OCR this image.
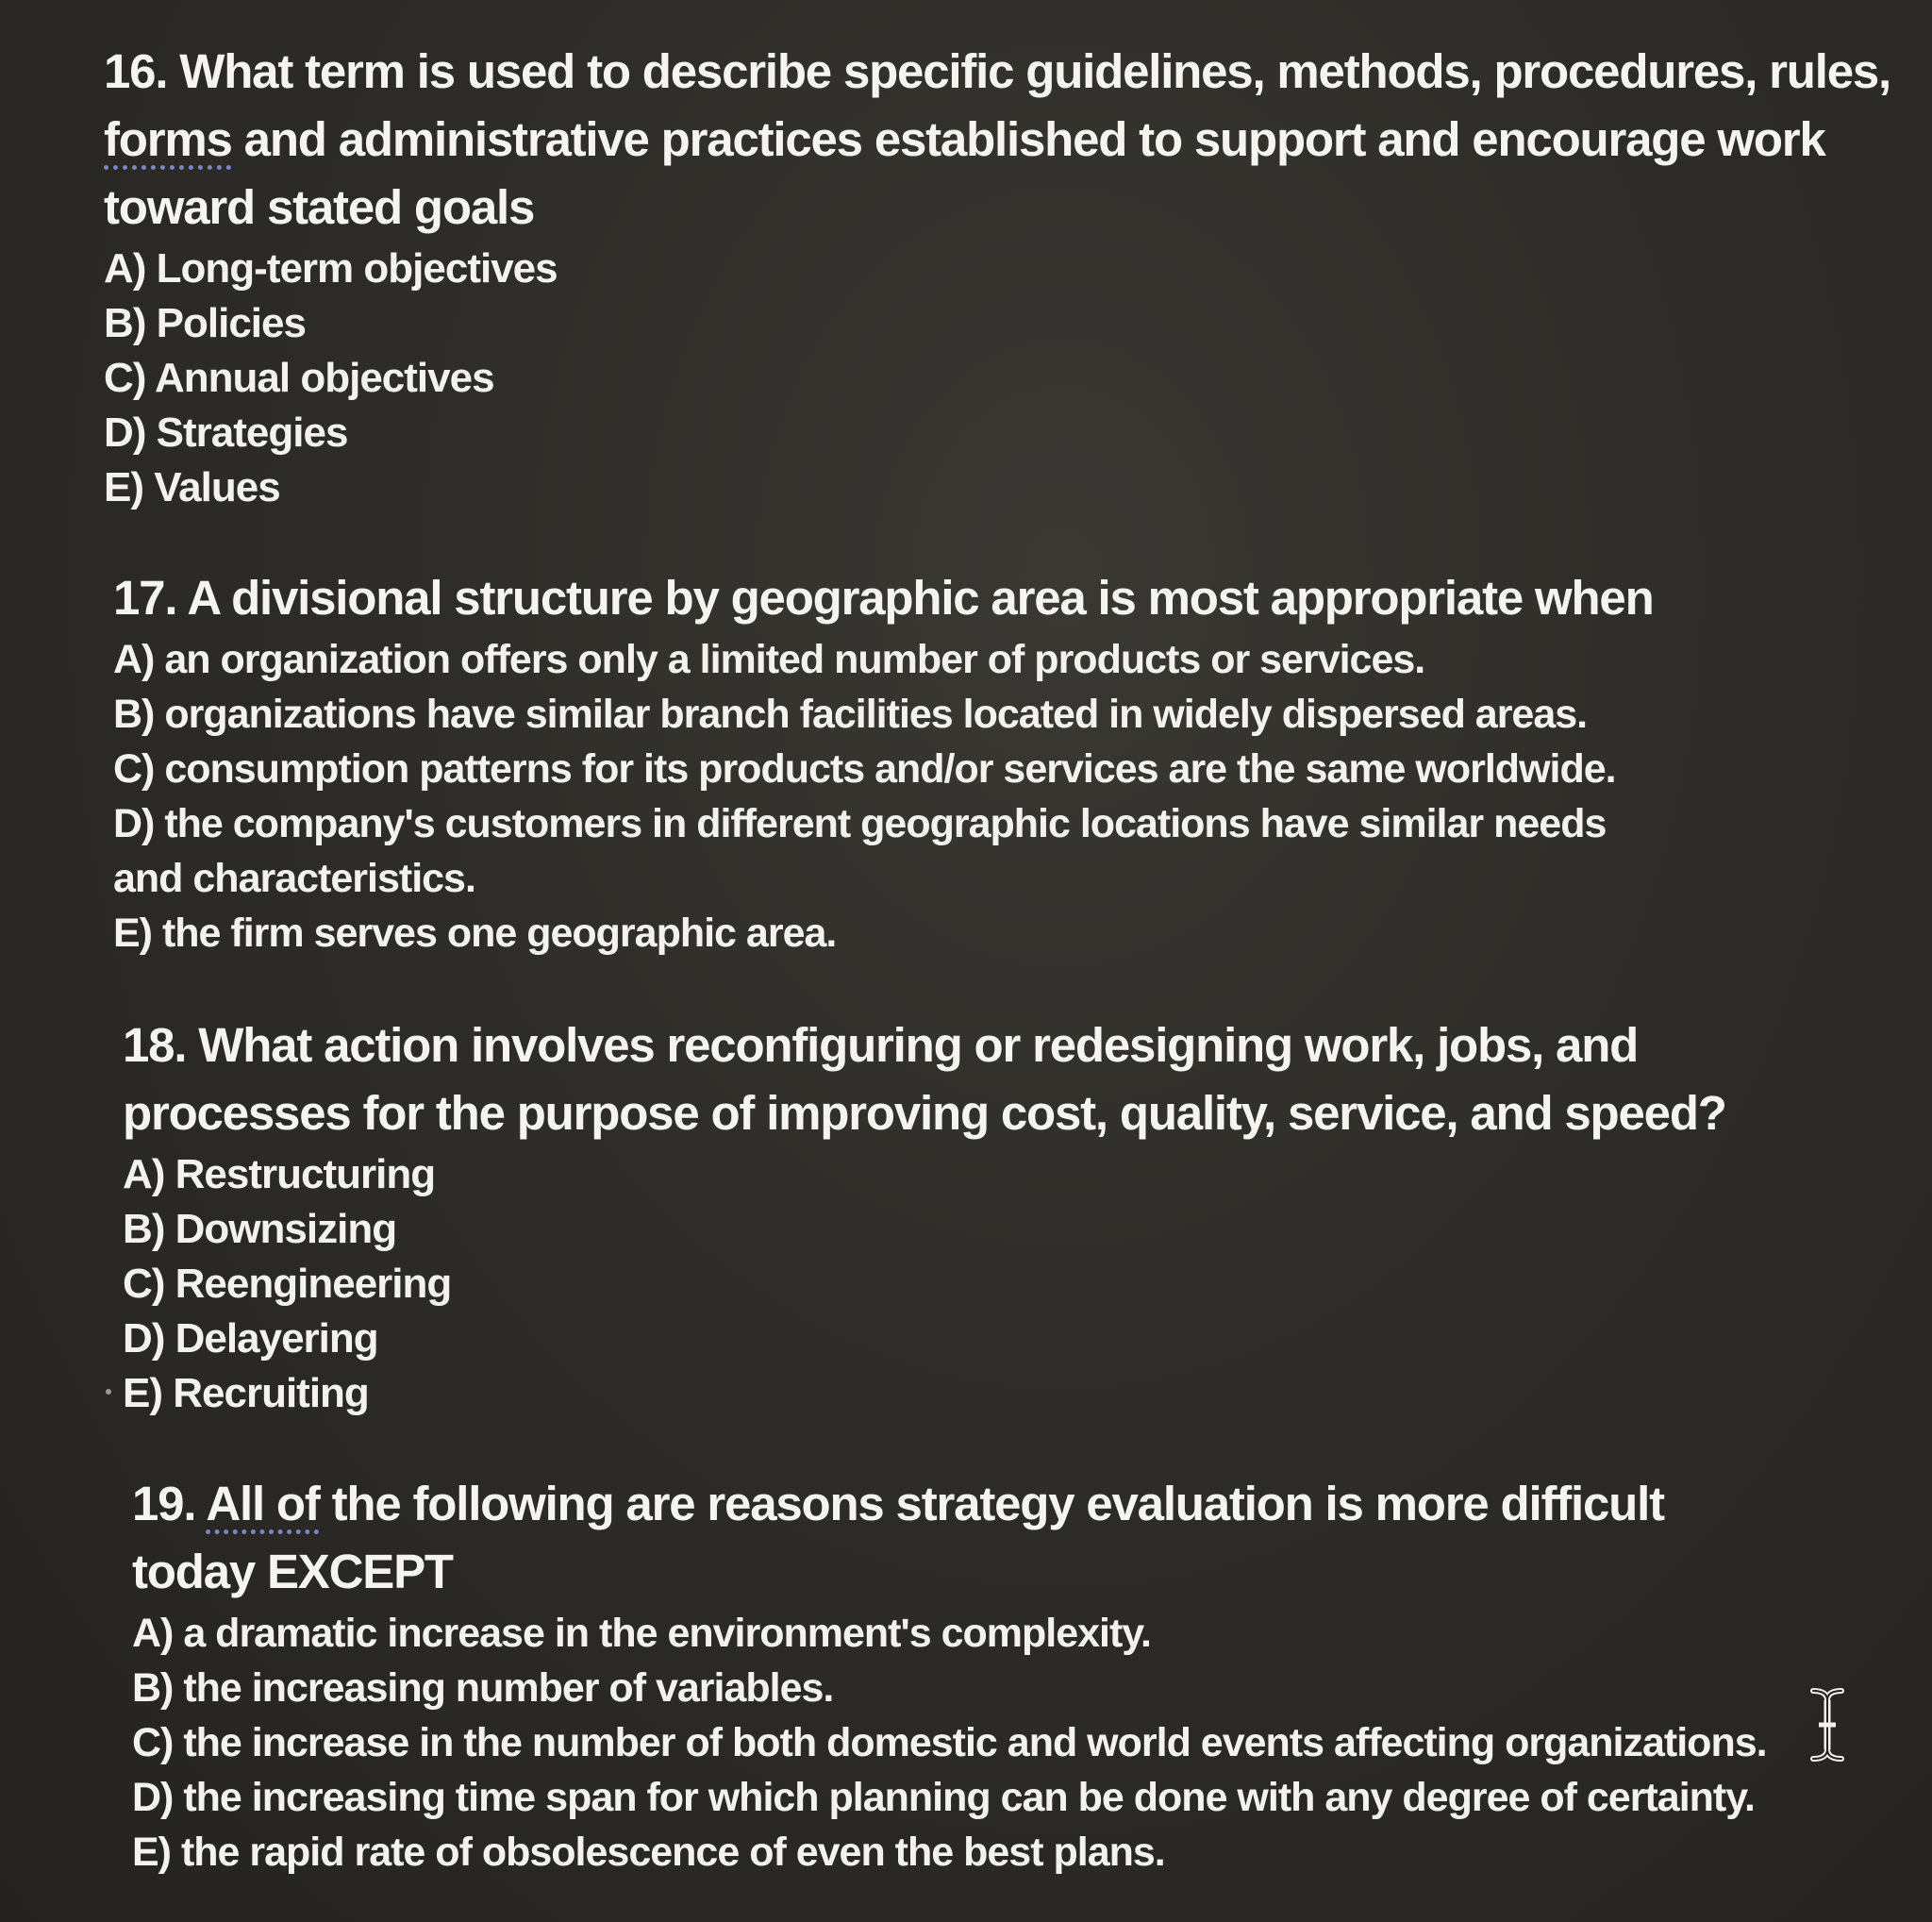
16. What term is used to describe specific guidelines, methods, procedures, rules,
forms and administrative practices established to support and encourage work toward stated goals

A) Long-term objectives
B) Policies
C) Annual objectives
D) Strategies
E) Values

17. A divisional structure by geographic area is most appropriate when

A) an organization offers only a limited number of products or services.
B) organizations have similar branch facilities located in widely dispersed areas.
C) consumption patterns for its products and/or services are the same worldwide.
D) the company's customers in different geographic locations have similar needs and characteristics.
E) the firm serves one geographic area.

18. What action involves reconfiguring or redesigning work, jobs, and processes for the purpose of improving cost, quality, service, and speed?

A) Restructuring
B) Downsizing
C) Reengineering
D) Delayering
E) Recruiting

19. All of the following are reasons strategy evaluation is more difficult today EXCEPT

A) a dramatic increase in the environment's complexity.
B) the increasing number of variables.
C) the increase in the number of both domestic and world events affecting organizations.
D) the increasing time span for which planning can be done with any degree of certainty.
E) the rapid rate of obsolescence of even the best plans.
